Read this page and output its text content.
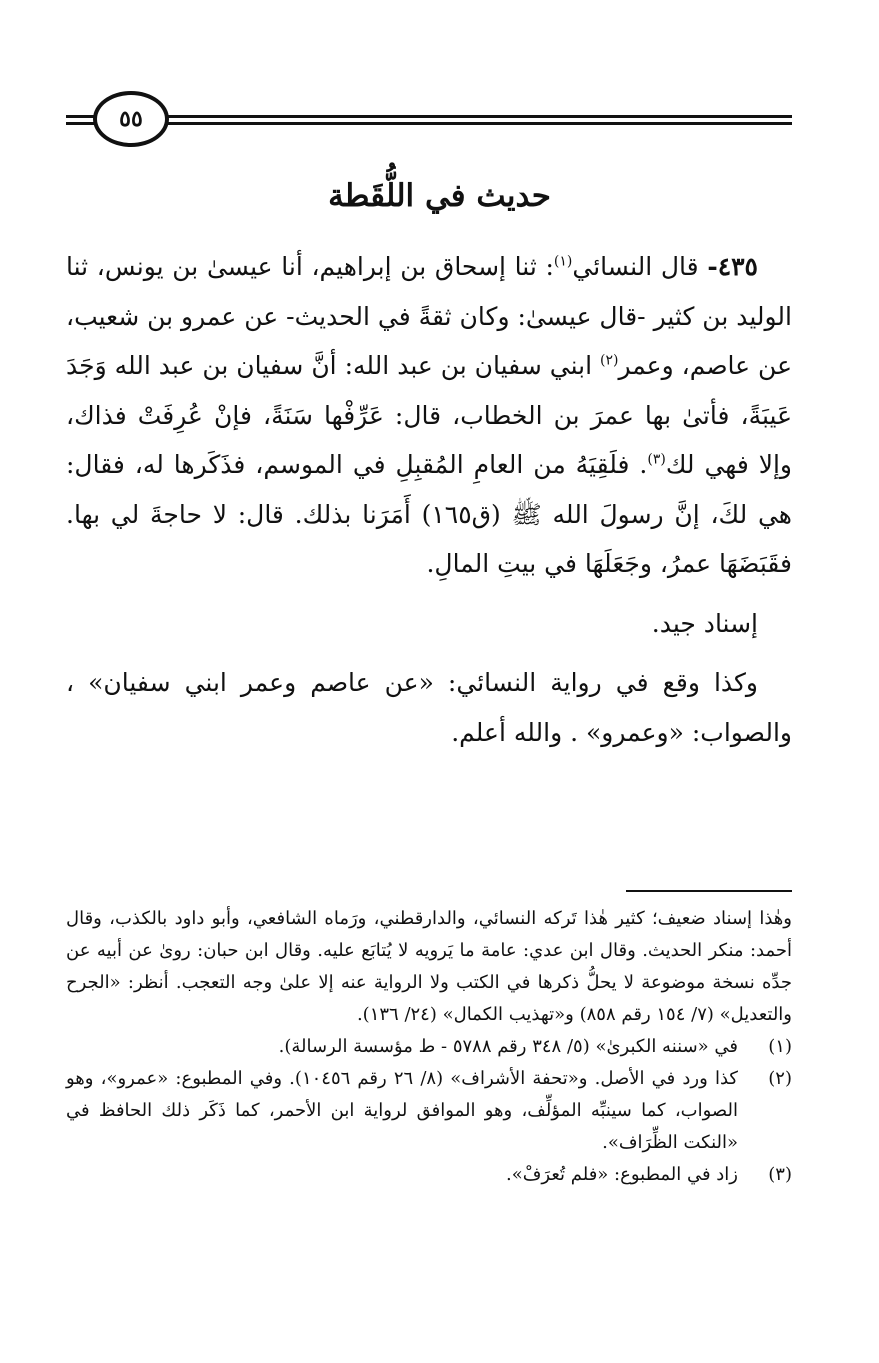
٥٥
حديث في اللُّقَطة

٤٣٥- قال النسائي$^{(١)}$: ثنا إسحاق بن إبراهيم، أنا عيسىٰ بن يونس، ثنا الوليد بن كثير -قال عيسىٰ: وكان ثقةً في الحديث- عن عمرو بن شعيب، عن عاصم، وعمر$^{(٢)}$ ابني سفيان بن عبد الله: أنَّ سفيان بن عبد الله وَجَدَ عَيبَةً، فأتىٰ بها عمرَ بن الخطاب، قال: عَرِّفْها سَنَةً، فإنْ عُرِفَتْ فذاك، وإلا فهي لك$^{(٣)}$. فلَقِيَهُ من العامِ المُقبِلِ في الموسم، فذَكَرها له، فقال: هي لكَ، إنَّ رسولَ الله ﷺ (ق١٦٥) أَمَرَنا بذلك. قال: لا حاجةَ لي بها. فقَبَضَهَا عمرُ، وجَعَلَهَا في بيتِ المالِ.

إسناد جيد.

وكذا وقع في رواية النسائي: «عن عاصم وعمر ابني سفيان» ، والصواب: «وعمرو» . والله أعلم.

وهٰذا إسناد ضعيف؛ كثير هٰذا تَركه النسائي، والدارقطني، ورَماه الشافعي، وأبو داود بالكذب، وقال أحمد: منكر الحديث. وقال ابن عدي: عامة ما يَرويه لا يُتابَع عليه. وقال ابن حبان: روىٰ عن أبيه عن جدِّه نسخة موضوعة لا يحلُّ ذكرها في الكتب ولا الرواية عنه إلا علىٰ وجه التعجب. أنظر: «الجرح والتعديل» (٧/ ١٥٤ رقم ٨٥٨) و«تهذيب الكمال» (٢٤/ ١٣٦).

(١)

في «سننه الكبرىٰ» (٥/ ٣٤٨ رقم ٥٧٨٨ - ط مؤسسة الرسالة).

(٢)

كذا ورد في الأصل. و«تحفة الأشراف» (٨/ ٢٦ رقم ١٠٤٥٦). وفي المطبوع: «عمرو»، وهو الصواب، كما سينبِّه المؤلِّف، وهو الموافق لرواية ابن الأحمر، كما ذَكَر ذلك الحافظ في «النكت الظِّرَاف».

(٣)

زاد في المطبوع: «فلم تُعرَفْ».
